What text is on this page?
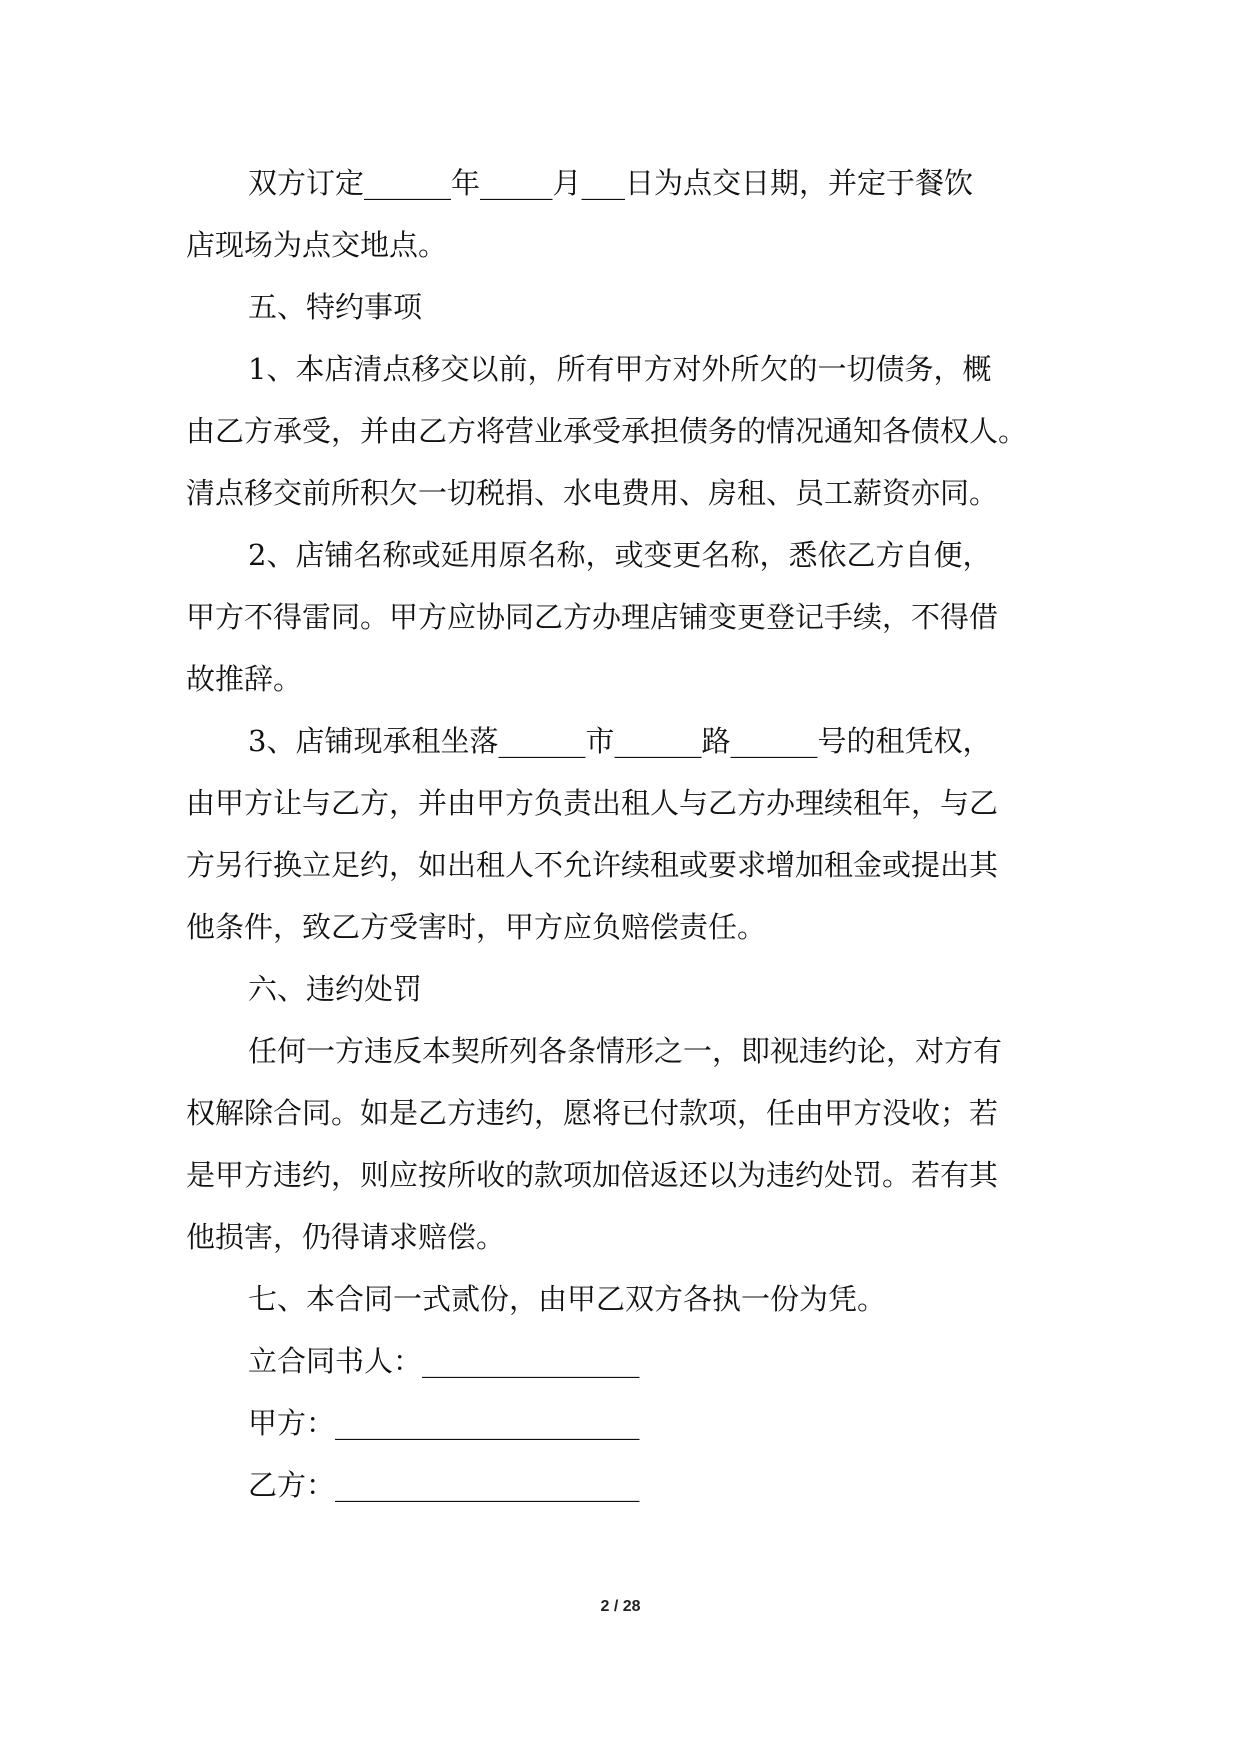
双方订定______年_____月___日为点交日期，并定于餐饮
店现场为点交地点。
五、特约事项
1、本店清点移交以前，所有甲方对外所欠的一切债务，概
由乙方承受，并由乙方将营业承受承担债务的情况通知各债权人。
清点移交前所积欠一切税捐、水电费用、房租、员工薪资亦同。
2、店铺名称或延用原名称，或变更名称，悉依乙方自便，
甲方不得雷同。甲方应协同乙方办理店铺变更登记手续，不得借
故推辞。
3、店铺现承租坐落______市______路______号的租凭权，
由甲方让与乙方，并由甲方负责出租人与乙方办理续租年，与乙
方另行换立足约，如出租人不允许续租或要求增加租金或提出其
他条件，致乙方受害时，甲方应负赔偿责任。
六、违约处罚
任何一方违反本契所列各条情形之一，即视违约论，对方有
权解除合同。如是乙方违约，愿将已付款项，任由甲方没收；若
是甲方违约，则应按所收的款项加倍返还以为违约处罚。若有其
他损害，仍得请求赔偿。
七、本合同一式贰份，由甲乙双方各执一份为凭。
立合同书人：_______________
甲方：_____________________
乙方：_____________________
2 / 28
